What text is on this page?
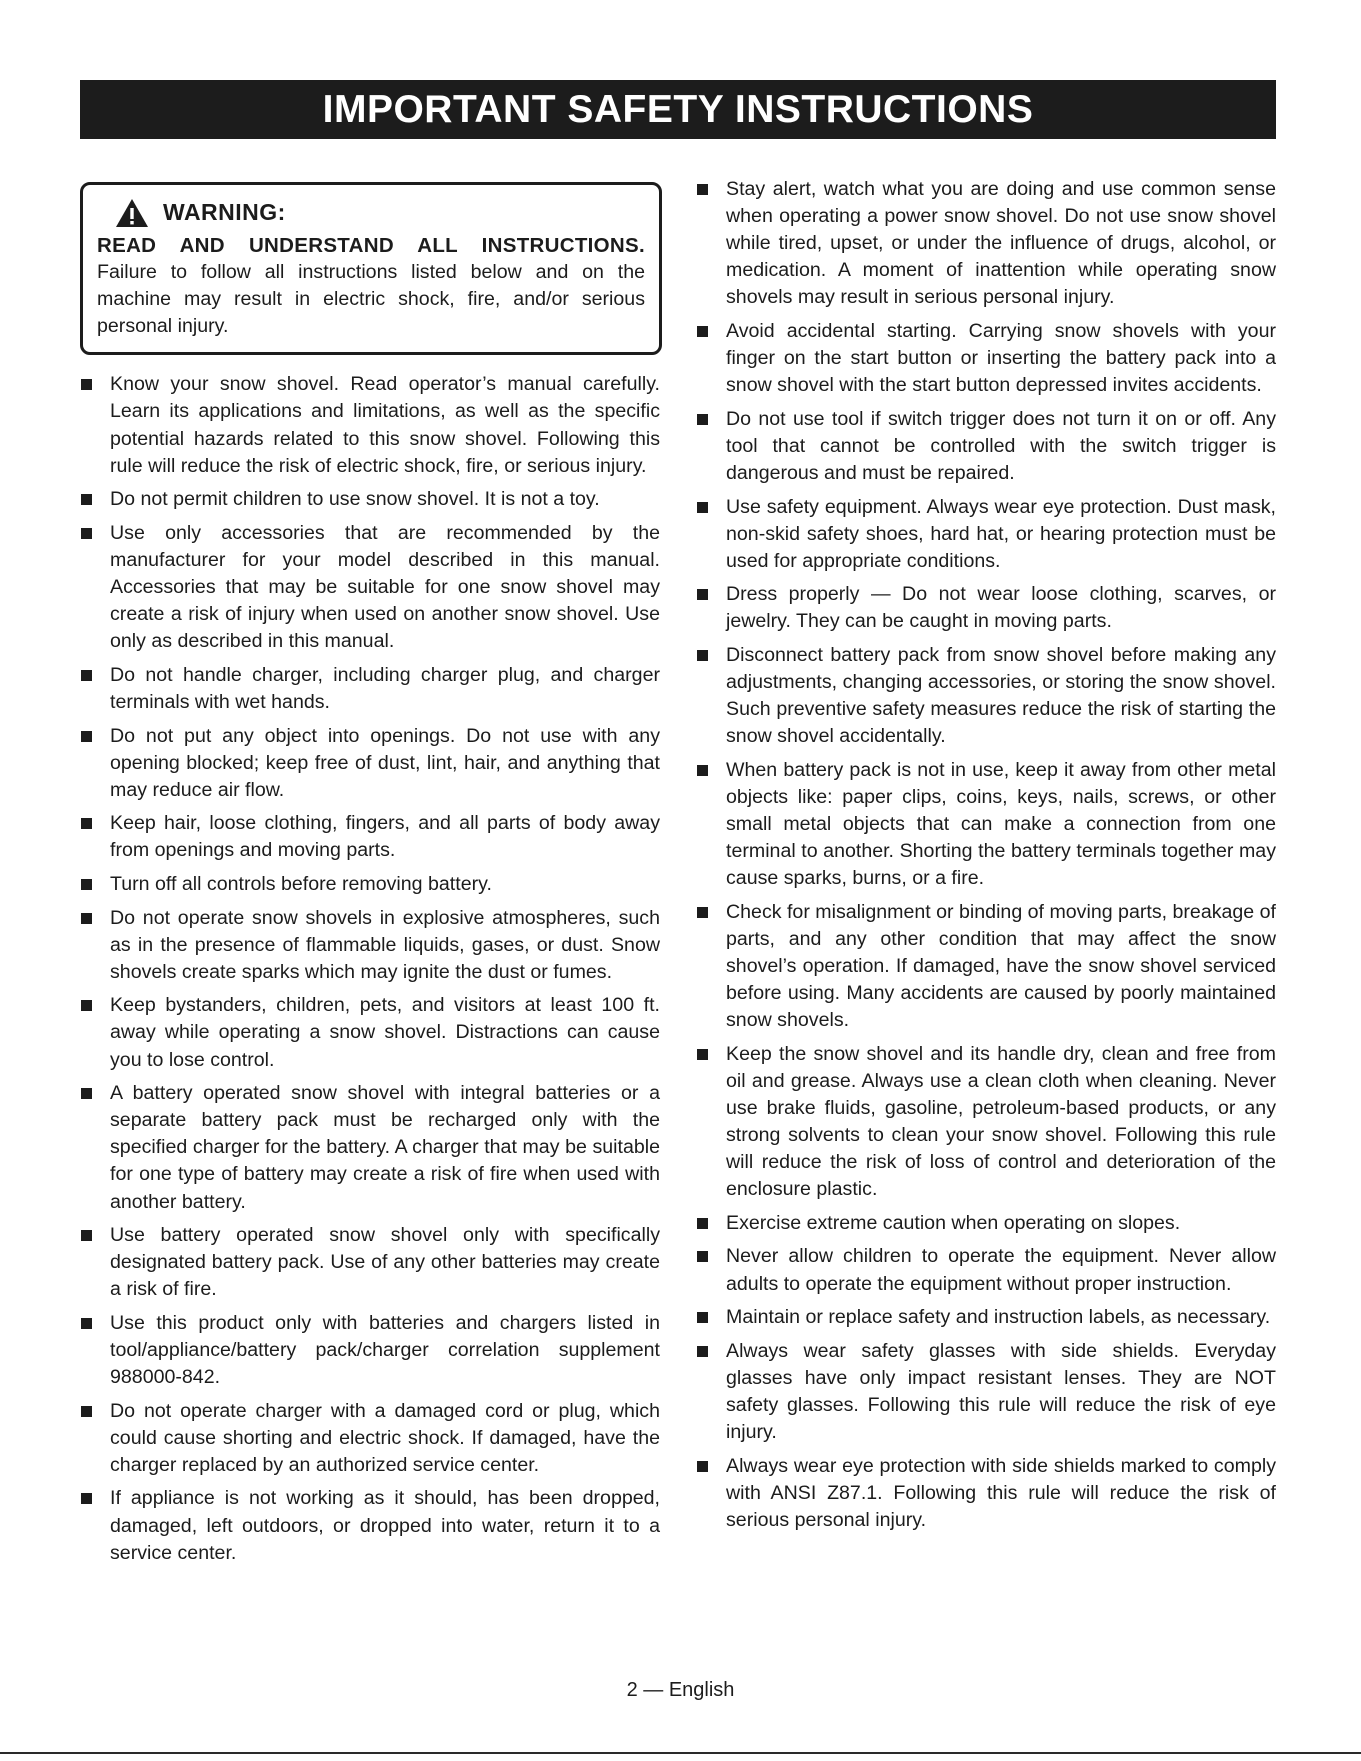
IMPORTANT SAFETY INSTRUCTIONS
WARNING:
READ AND UNDERSTAND ALL INSTRUCTIONS.
Failure to follow all instructions listed below and on the machine may result in electric shock, fire, and/or serious personal injury.
Know your snow shovel. Read operator’s manual carefully. Learn its applications and limitations, as well as the specific potential hazards related to this snow shovel. Following this rule will reduce the risk of electric shock, fire, or serious injury.
Do not permit children to use snow shovel. It is not a toy.
Use only accessories that are recommended by the manufacturer for your model described in this manual. Accessories that may be suitable for one snow shovel may create a risk of injury when used on another snow shovel. Use only as described in this manual.
Do not handle charger, including charger plug, and charger terminals with wet hands.
Do not put any object into openings. Do not use with any opening blocked; keep free of dust, lint, hair, and anything that may reduce air flow.
Keep hair, loose clothing, fingers, and all parts of body away from openings and moving parts.
Turn off all controls before removing battery.
Do not operate snow shovels in explosive atmospheres, such as in the presence of flammable liquids, gases, or dust. Snow shovels create sparks which may ignite the dust or fumes.
Keep bystanders, children, pets, and visitors at least 100 ft. away while operating a snow shovel. Distractions can cause you to lose control.
A battery operated snow shovel with integral batteries or a separate battery pack must be recharged only with the specified charger for the battery. A charger that may be suitable for one type of battery may create a risk of fire when used with another battery.
Use battery operated snow shovel only with specifically designated battery pack. Use of any other batteries may create a risk of fire.
Use this product only with batteries and chargers listed in tool/appliance/battery pack/charger correlation supplement 988000-842.
Do not operate charger with a damaged cord or plug, which could cause shorting and electric shock. If damaged, have the charger replaced by an authorized service center.
If appliance is not working as it should, has been dropped, damaged, left outdoors, or dropped into water, return it to a service center.
Stay alert, watch what you are doing and use common sense when operating a power snow shovel. Do not use snow shovel while tired, upset, or under the influence of drugs, alcohol, or medication. A moment of inattention while operating snow shovels may result in serious personal injury.
Avoid accidental starting. Carrying snow shovels with your finger on the start button or inserting the battery pack into a snow shovel with the start button depressed invites accidents.
Do not use tool if switch trigger does not turn it on or off. Any tool that cannot be controlled with the switch trigger is dangerous and must be repaired.
Use safety equipment. Always wear eye protection. Dust mask, non-skid safety shoes, hard hat, or hearing protection must be used for appropriate conditions.
Dress properly — Do not wear loose clothing, scarves, or jewelry. They can be caught in moving parts.
Disconnect battery pack from snow shovel before making any adjustments, changing accessories, or storing the snow shovel. Such preventive safety measures reduce the risk of starting the snow shovel accidentally.
When battery pack is not in use, keep it away from other metal objects like: paper clips, coins, keys, nails, screws, or other small metal objects that can make a connection from one terminal to another. Shorting the battery terminals together may cause sparks, burns, or a fire.
Check for misalignment or binding of moving parts, breakage of parts, and any other condition that may affect the snow shovel’s operation. If damaged, have the snow shovel serviced before using. Many accidents are caused by poorly maintained snow shovels.
Keep the snow shovel and its handle dry, clean and free from oil and grease. Always use a clean cloth when cleaning. Never use brake fluids, gasoline, petroleum-based products, or any strong solvents to clean your snow shovel. Following this rule will reduce the risk of loss of control and deterioration of the enclosure plastic.
Exercise extreme caution when operating on slopes.
Never allow children to operate the equipment. Never allow adults to operate the equipment without proper instruction.
Maintain or replace safety and instruction labels, as necessary.
Always wear safety glasses with side shields. Everyday glasses have only impact resistant lenses. They are NOT safety glasses. Following this rule will reduce the risk of eye injury.
Always wear eye protection with side shields marked to comply with ANSI Z87.1. Following this rule will reduce the risk of serious personal injury.
2 — English
